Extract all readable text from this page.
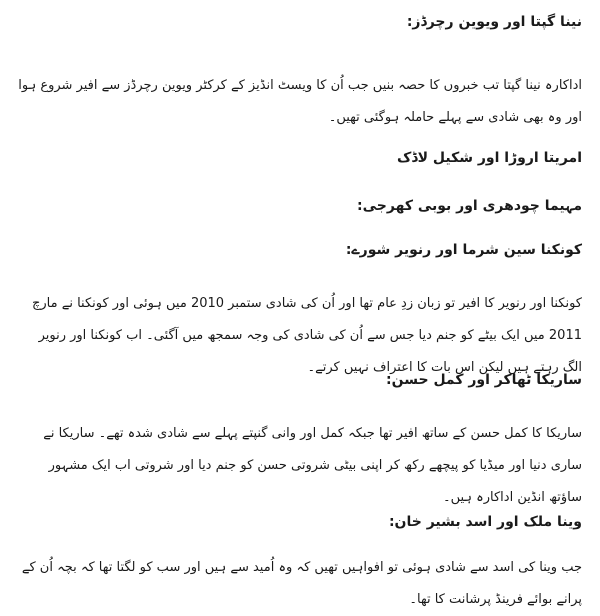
نینا گپتا اور ویوین رچرڈز:

اداکارہ نینا گپتا تب خبروں کا حصہ بنیں جب اُن کا ویسٹ انڈیز کے کرکٹر ویوین رچرڈز سے افیر شروع ہوا اور وہ بھی شادی سے پہلے حاملہ ہوگئی تھیں۔

امریتا اروڑا اور شکیل لاڈک

مہیما چودھری اور بوبی کھرجی:

کونکنا سین شرما اور رنویر شورے:

کونکنا اور رنویر کا افیر تو زبان زدِ عام تھا اور اُن کی شادی ستمبر 2010 میں ہوئی اور کونکنا نے مارچ 2011 میں ایک بیٹے کو جنم دیا جس سے اُن کی شادی کی وجہ سمجھ میں آگئی۔ اب کونکنا اور رنویر الگ رہتے ہیں لیکن اس بات کا اعتراف نہیں کرتے۔

ساریکا ٹھاکر اور کمل حسن:

ساریکا کا کمل حسن کے ساتھ افیر تھا جبکہ کمل اور وانی گنپتے پہلے سے شادی شدہ تھے۔ ساریکا نے ساری دنیا اور میڈیا کو پیچھے رکھ کر اپنی بیٹی شروتی حسن کو جنم دیا اور شروتی اب ایک مشہور ساؤتھ انڈین اداکارہ ہیں۔

وینا ملک اور اسد بشیر خان:

جب وینا کی اسد سے شادی ہوئی تو افواہیں تھیں کہ وہ اُمید سے ہیں اور سب کو لگتا تھا کہ بچہ اُن کے پرانے بوائے فرینڈ پرشانت کا تھا۔
